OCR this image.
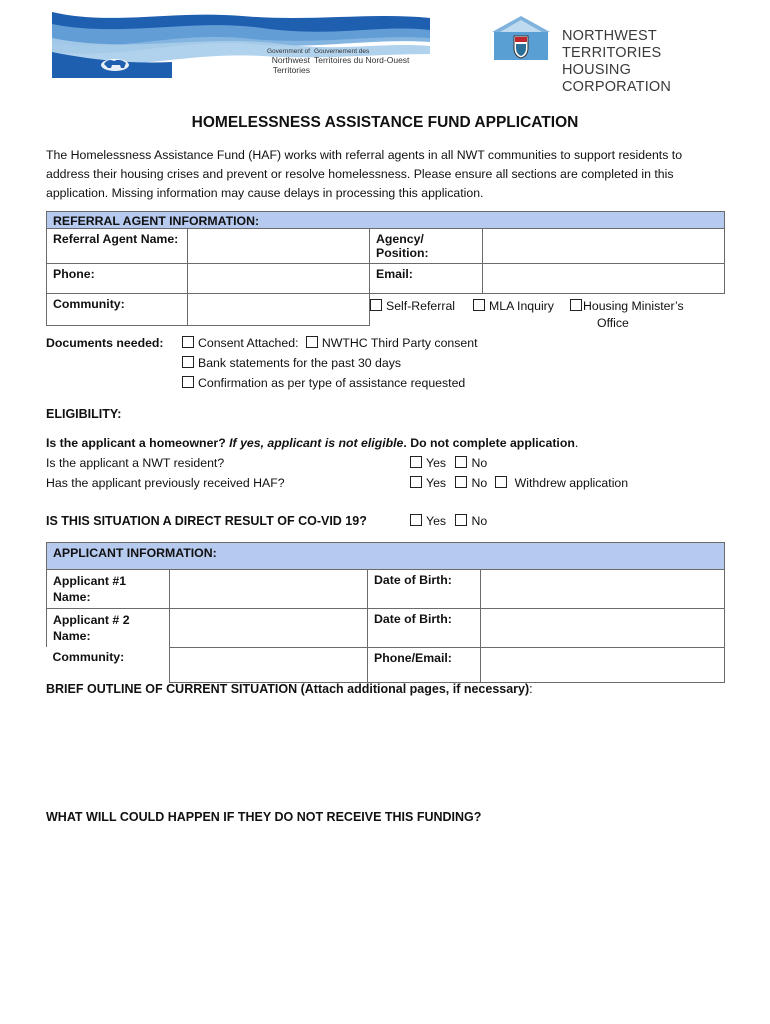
Government of
Northwest Territories
Gouvernement des
Territoires du Nord-Ouest
NORTHWEST TERRITORIES
HOUSING CORPORATION
HOMELESSNESS ASSISTANCE FUND APPLICATION
The Homelessness Assistance Fund (HAF) works with referral agents in all NWT communities to support residents to address their housing crises and prevent or resolve homelessness. Please ensure all sections are completed in this application. Missing information may cause delays in processing this application.
REFERRAL AGENT INFORMATION:			
Referral Agent Name:		Agency/ Position:	
Phone:		Email:	
Community:				Self-Referral	MLA Inquiry	Housing Minister’s
Office
Documents needed:	Consent Attached: NWTHC Third Party consent
Bank statements for the past 30 days
Confirmation as per type of assistance requested
ELIGIBILITY:
Is the applicant a homeowner? If yes, applicant is not eligible. Do not complete application.
Is the applicant a NWT resident?	Yes No
Has the applicant previously received HAF?	Yes No Withdrew application
IS THIS SITUATION A DIRECT RESULT OF CO-VID 19?	Yes No
APPLICANT INFORMATION:			

Applicant #1
Name:		Date of Birth:	

Applicant # 2
Name:		Date of Birth:	
Community:		Phone/Email:	
BRIEF OUTLINE OF CURRENT SITUATION (Attach additional pages, if necessary):
WHAT WILL COULD HAPPEN IF THEY DO NOT RECEIVE THIS FUNDING?
